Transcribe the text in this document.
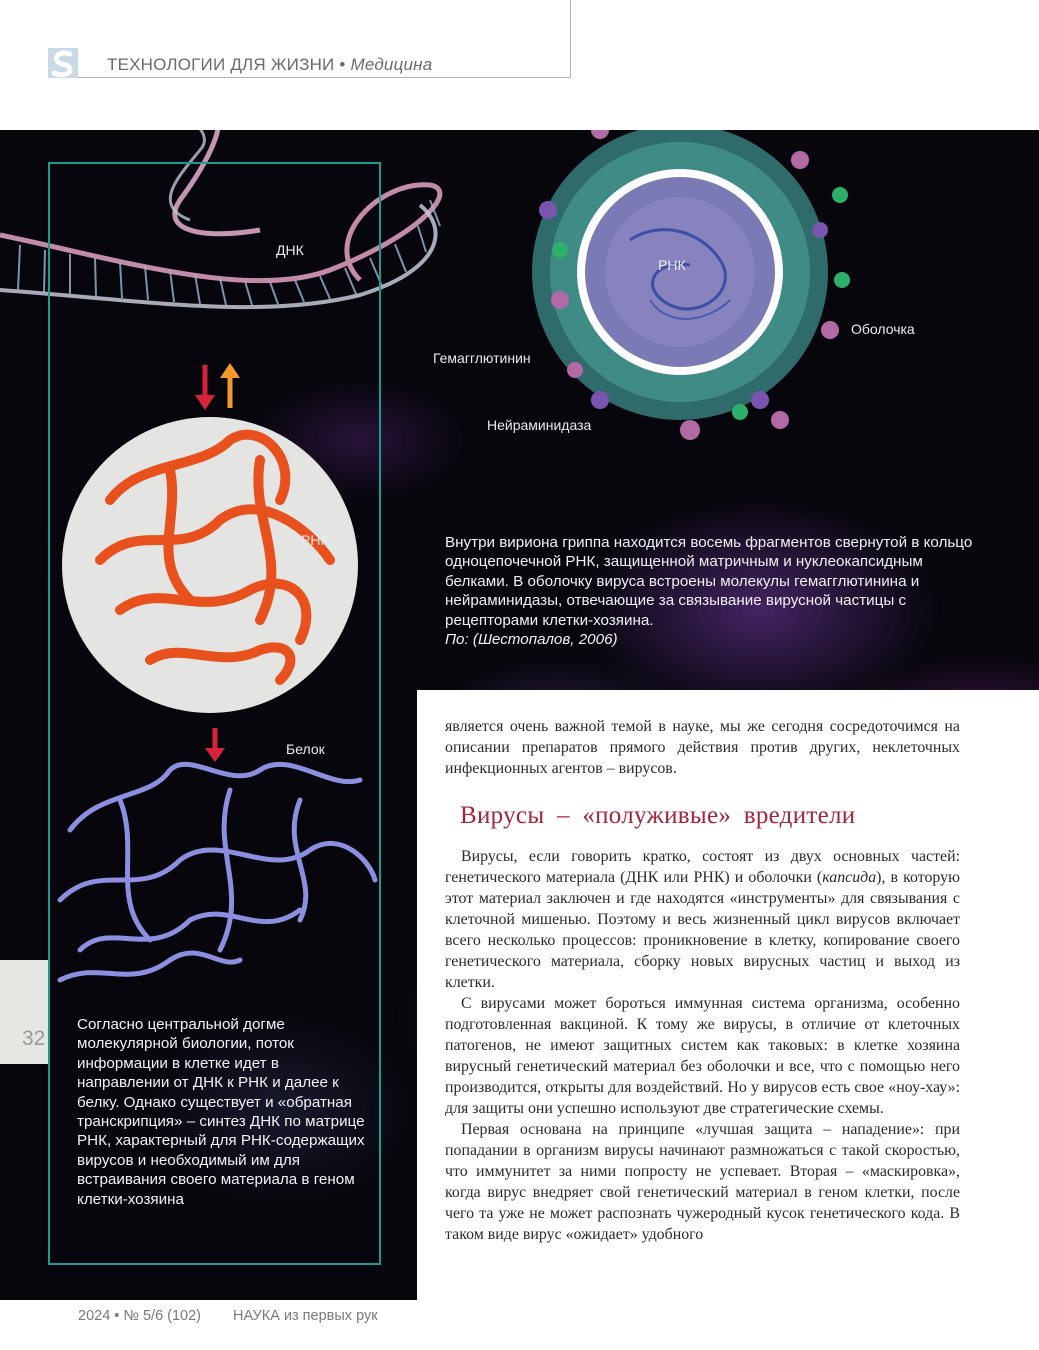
ТЕХНОЛОГИИ ДЛЯ ЖИЗНИ • Медицина
ДНК
РНК
Оболочка
Гемагглютинин
Нейраминидаза
РНК
Белок
Внутри вириона гриппа находится восемь фрагментов свернутой в кольцо одноцепочечной РНК, защищенной матричным и нуклеокапсидным белками. В оболочку вируса встроены молекулы гемагглютинина и нейраминидазы, отвечающие за связывание вирусной частицы с рецепторами клетки-хозяина.
По: (Шестопалов, 2006)
Согласно центральной догме молекулярной биологии, поток информации в клетке идет в направлении от ДНК к РНК и далее к белку. Однако существует и «обратная транскрипция» – синтез ДНК по матрице РНК, характерный для РНК-содержащих вирусов и необходимый им для встраивания своего материала в геном клетки-хозяина
32
является очень важной темой в науке, мы же сегодня сосредоточимся на описании препаратов прямого действия против других, неклеточных инфекционных агентов – вирусов.
Вирусы – «полуживые» вредители

Вирусы, если говорить кратко, состоят из двух основных частей: генетического материала (ДНК или РНК) и оболочки (капсида), в которую этот материал заключен и где находятся «инструменты» для связывания с клеточной мишенью. Поэтому и весь жизненный цикл вирусов включает всего несколько процессов: проникновение в клетку, копирование своего генетического материала, сборку новых вирусных частиц и выход из клетки.

С вирусами может бороться иммунная система организма, особенно подготовленная вакциной. К тому же вирусы, в отличие от клеточных патогенов, не имеют защитных систем как таковых: в клетке хозяина вирусный генетический материал без оболочки и все, что с помощью него производится, открыты для воздействий. Но у вирусов есть свое «ноу-хау»: для защиты они успешно используют две стратегические схемы.

Первая основана на принципе «лучшая защита – нападение»: при попадании в организм вирусы начинают размножаться с такой скоростью, что иммунитет за ними попросту не успевает. Вторая – «маскировка», когда вирус внедряет свой генетический материал в геном клетки, после чего та уже не может распознать чужеродный кусок генетического кода. В таком виде вирус «ожидает» удобного

2024 • № 5/6 (102) НАУКА из первых рук
